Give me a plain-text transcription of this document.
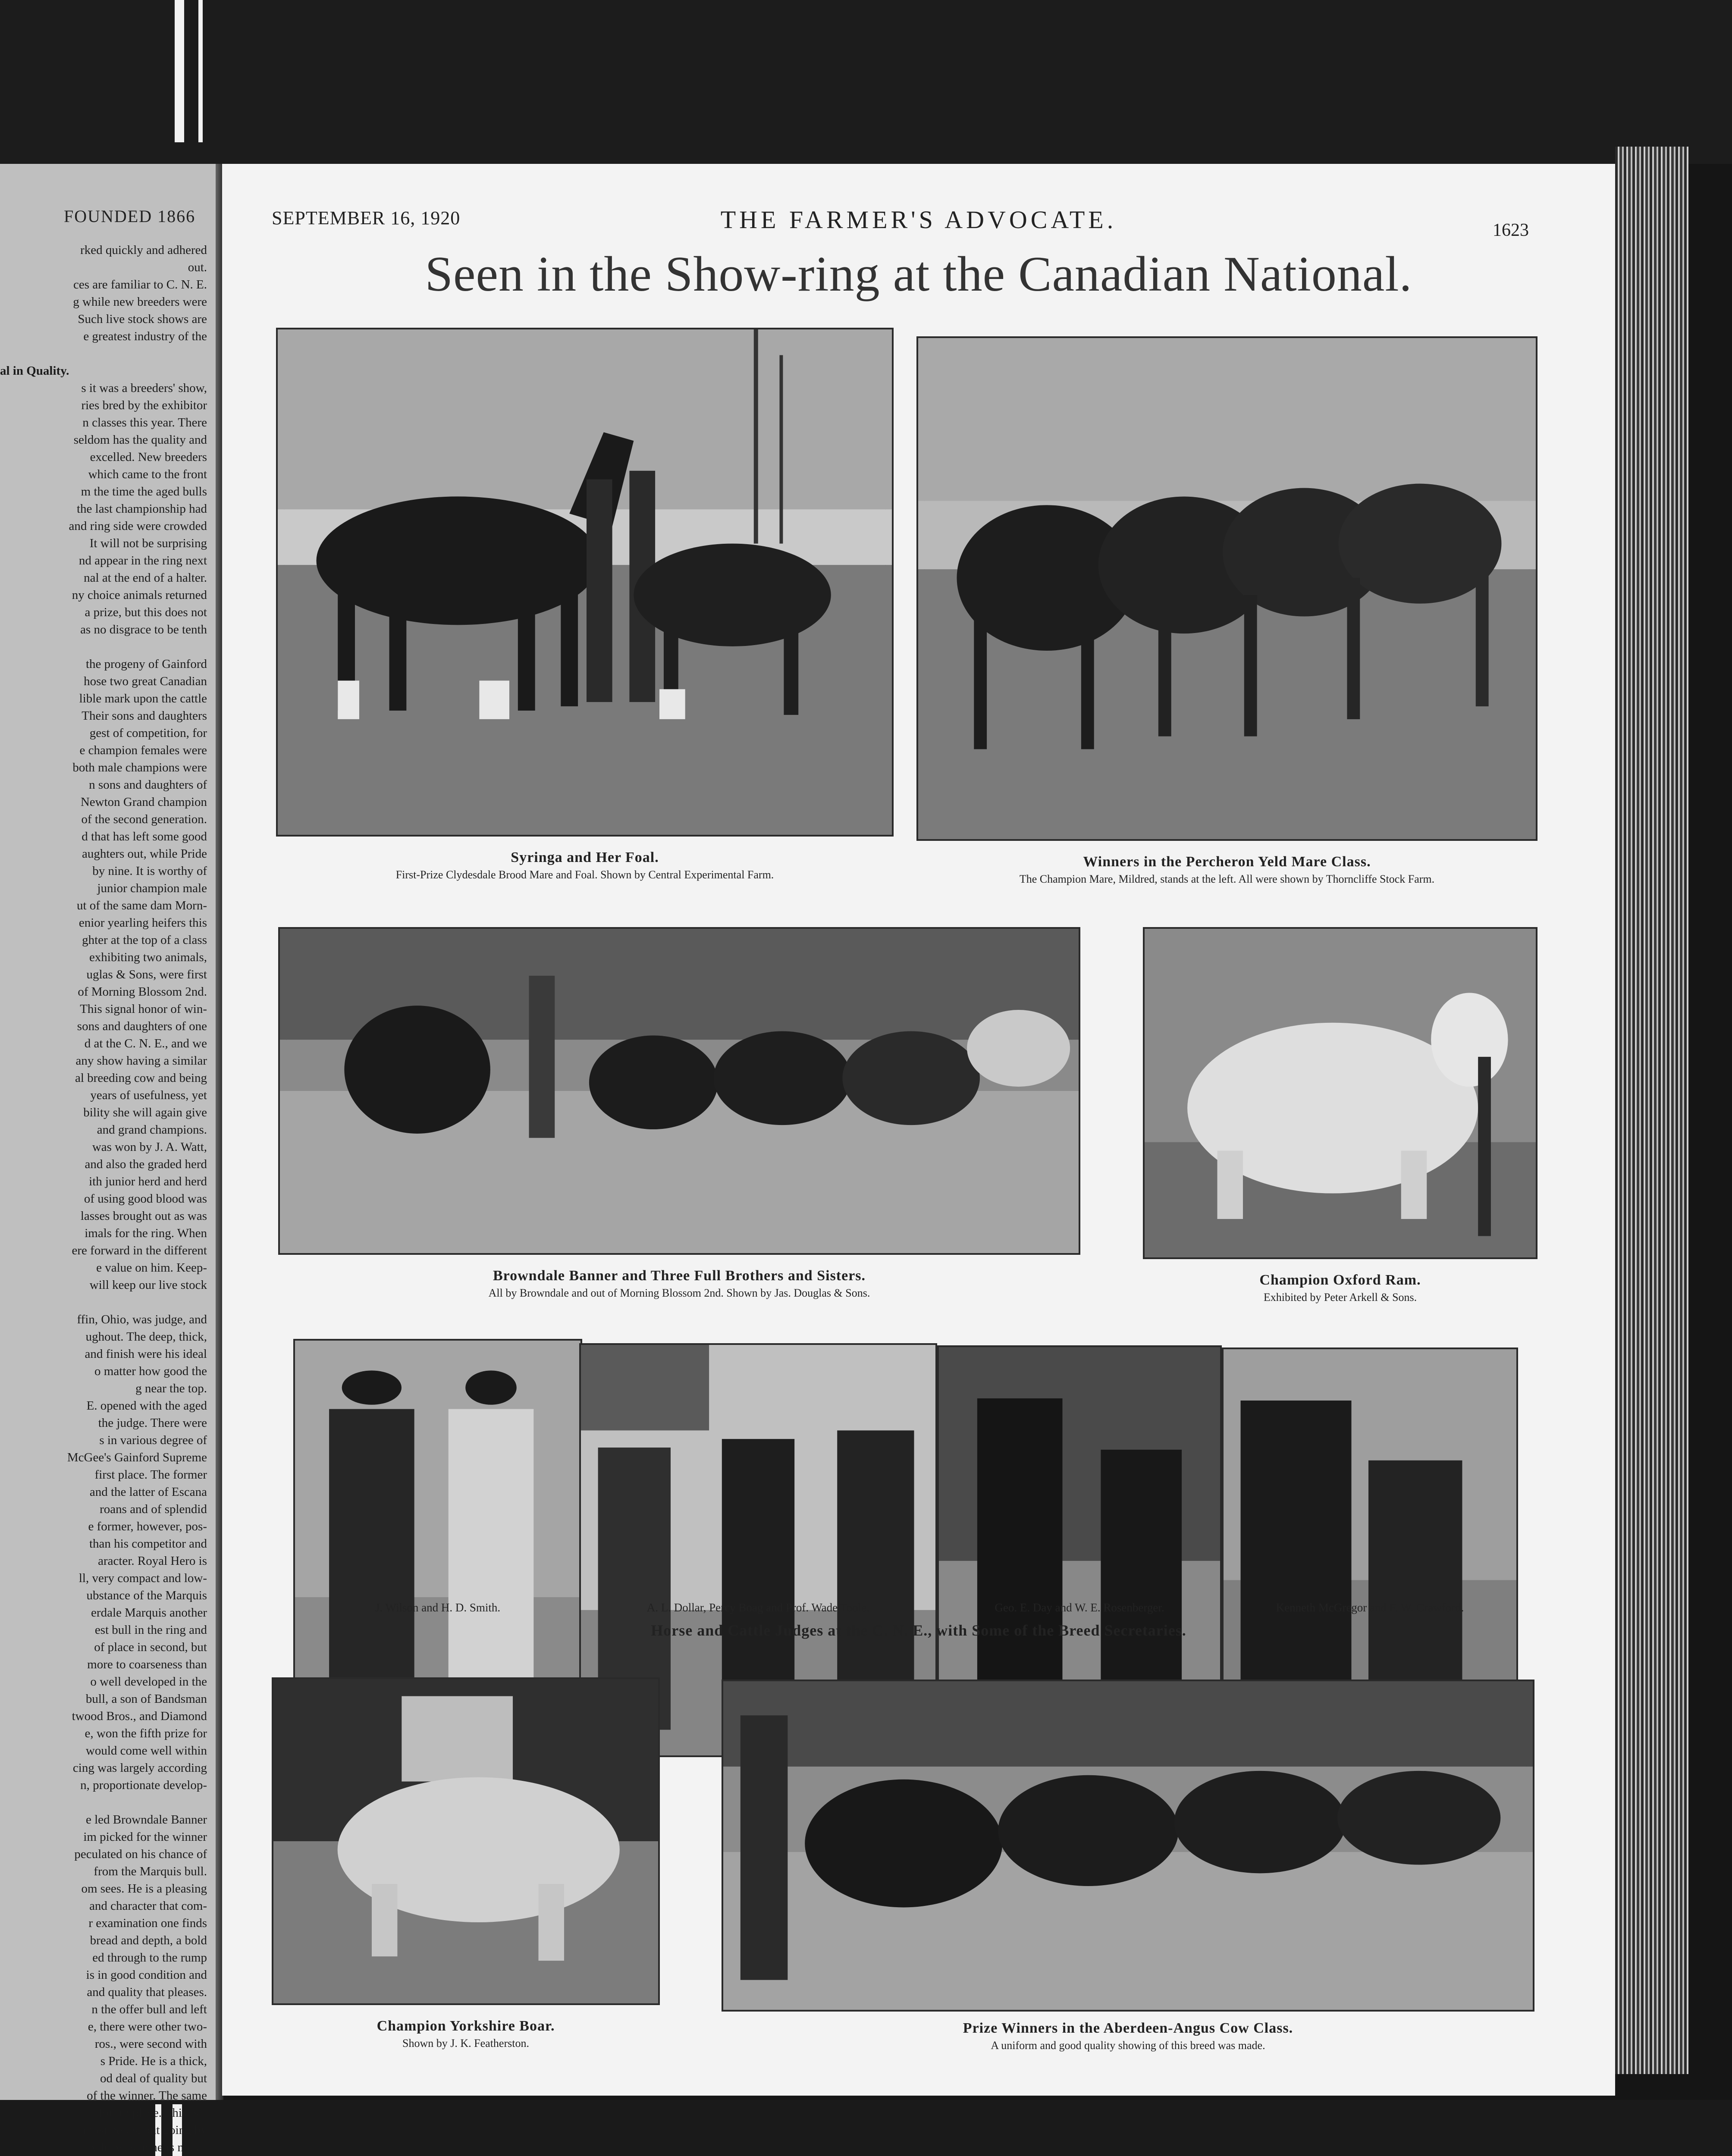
FOUNDED 1866
rked quickly and adhered
out.
ces are familiar to C. N. E.
g while new breeders were
Such live stock shows are
e greatest industry of the

al in Quality.
s it was a breeders' show,
ries bred by the exhibitor
n classes this year. There
seldom has the quality and
excelled. New breeders
which came to the front
m the time the aged bulls
the last championship had
and ring side were crowded
It will not be surprising
nd appear in the ring next
nal at the end of a halter.
ny choice animals returned
a prize, but this does not
as no disgrace to be tenth

the progeny of Gainford
hose two great Canadian
lible mark upon the cattle
Their sons and daughters
gest of competition, for
e champion females were
both male champions were
n sons and daughters of
Newton Grand champion
of the second generation.
d that has left some good
aughters out, while Pride
by nine. It is worthy of
junior champion male
ut of the same dam Morn-
enior yearling heifers this
ghter at the top of a class
exhibiting two animals,
uglas & Sons, were first
of Morning Blossom 2nd.
This signal honor of win-
sons and daughters of one
d at the C. N. E., and we
any show having a similar
al breeding cow and being
years of usefulness, yet
bility she will again give
and grand champions.
was won by J. A. Watt,
and also the graded herd
ith junior herd and herd
of using good blood was
lasses brought out as was
imals for the ring. When
ere forward in the different
e value on him. Keep-
will keep our live stock

ffin, Ohio, was judge, and
ughout. The deep, thick,
and finish were his ideal
o matter how good the
g near the top.
E. opened with the aged
the judge. There were
s in various degree of
McGee's Gainford Supreme
first place. The former
and the latter of Escana
roans and of splendid
e former, however, pos-
than his competitor and
aracter. Royal Hero is
ll, very compact and low-
ubstance of the Marquis
erdale Marquis another
est bull in the ring and
of place in second, but
more to coarseness than
o well developed in the
bull, a son of Bandsman
twood Bros., and Diamond
e, won the fifth prize for
would come well within
cing was largely according
n, proportionate develop-

e led Browndale Banner
im picked for the winner
peculated on his chance of
from the Marquis bull.
om sees. He is a pleasing
and character that com-
r examination one finds
bread and depth, a bold
ed through to the rump
is in good condition and
and quality that pleases.
n the offer bull and left
e, there were other two-
ros., were second with
s Pride. He is a thick,
od deal of quality but
of the winner. The same
fourth place. This is a
most herds, but going by
y he was in he is not as
SEPTEMBER 16, 1920	THE FARMER'S ADVOCATE.	1623
Seen in the Show-ring at the Canadian National.
Syringa and Her Foal.
First-Prize Clydesdale Brood Mare and Foal. Shown by Central Experimental Farm.
Winners in the Percheron Yeld Mare Class.
The Champion Mare, Mildred, stands at the left. All were shown by Thorncliffe Stock Farm.
Browndale Banner and Three Full Brothers and Sisters.
All by Browndale and out of Morning Blossom 2nd. Shown by Jas. Douglas & Sons.
Champion Oxford Ram.
Exhibited by Peter Arkell & Sons.
J. Wilson and H. D. Smith.	A. L. Dollar, Percy Boag and Prof. Wade Toole.	Geo. E. Day and W. E. Rosenberger.	Kenneth McGregor and F. W. Crawford.
Horse and Cattle Judges at the C. N. E., with Some of the Breed Secretaries.
Champion Yorkshire Boar.
Shown by J. K. Featherston.
Prize Winners in the Aberdeen-Angus Cow Class.
A uniform and good quality showing of this breed was made.
